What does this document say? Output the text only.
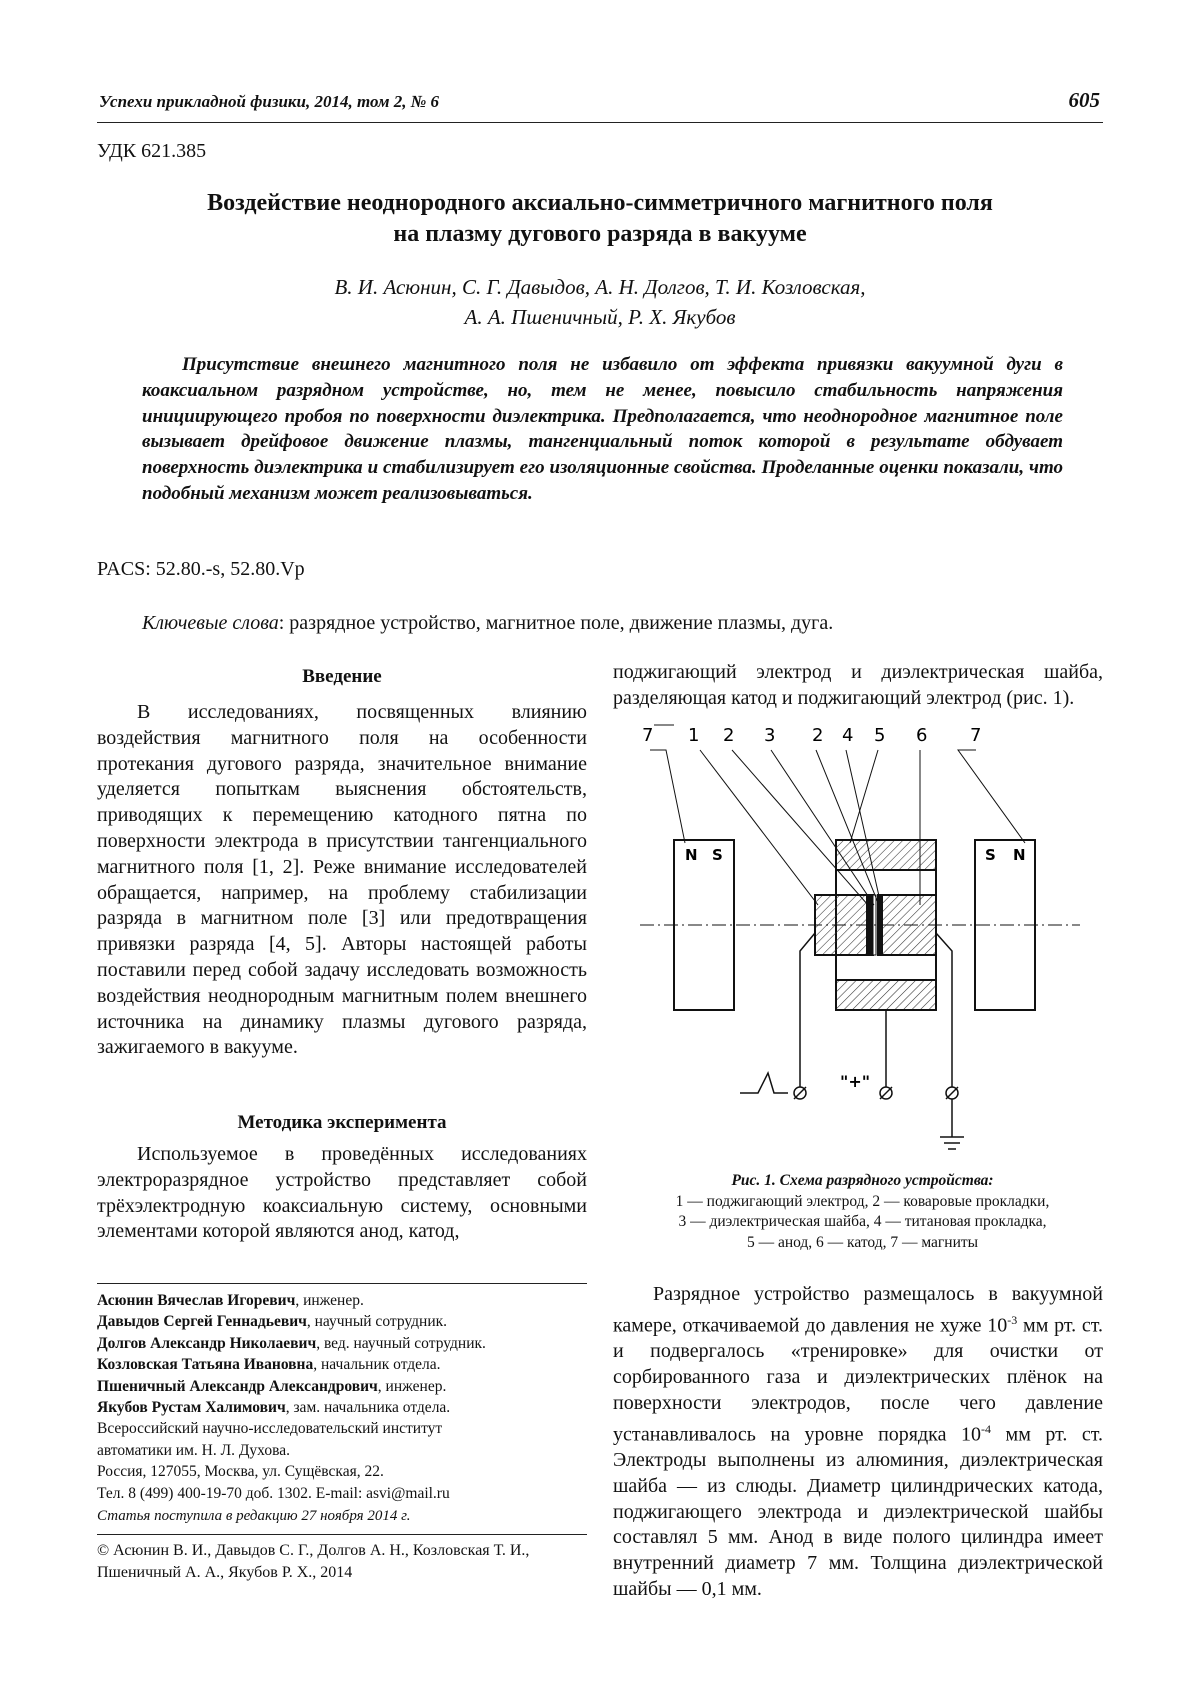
Успехи прикладной физики, 2014, том 2, № 6	605
УДК 621.385
Воздействие неоднородного аксиально-симметричного магнитного поля
на плазму дугового разряда в вакууме
В. И. Асюнин, С. Г. Давыдов, А. Н. Долгов, Т. И. Козловская,
А. А. Пшеничный, Р. Х. Якубов
Присутствие внешнего магнитного поля не избавило от эффекта привязки вакуумной дуги в коаксиальном разрядном устройстве, но, тем не менее, повысило стабильность напряжения инициирующего пробоя по поверхности диэлектрика. Предполагается, что неоднородное магнитное поле вызывает дрейфовое движение плазмы, тангенциальный поток которой в результате обдувает поверхность диэлектрика и стабилизирует его изоляционные свойства. Проделанные оценки показали, что подобный механизм может реализовываться.
PACS: 52.80.-s, 52.80.Vp
Ключевые слова: разрядное устройство, магнитное поле, движение плазмы, дуга.
Введение
В исследованиях, посвященных влиянию воздействия магнитного поля на особенности протекания дугового разряда, значительное внимание уделяется попыткам выяснения обстоятельств, приводящих к перемещению катодного пятна по поверхности электрода в присутствии тангенциального магнитного поля [1, 2]. Реже внимание исследователей обращается, например, на проблему стабилизации разряда в магнитном поле [3] или предотвращения привязки разряда [4, 5]. Авторы настоящей работы поставили перед собой задачу исследовать возможность воздействия неоднородным магнитным полем внешнего источника на динамику плазмы дугового разряда, зажигаемого в вакууме.
Методика эксперимента
Используемое в проведённых исследованиях электроразрядное устройство представляет собой трёхэлектродную коаксиальную систему, основными элементами которой являются анод, катод,
Асюнин Вячеслав Игоревич, инженер.
Давыдов Сергей Геннадьевич, научный сотрудник.
Долгов Александр Николаевич, вед. научный сотрудник.
Козловская Татьяна Ивановна, начальник отдела.
Пшеничный Александр Александрович, инженер.
Якубов Рустам Халимович, зам. начальника отдела.
Всероссийский научно-исследовательский институт
автоматики им. Н. Л. Духова.
Россия, 127055, Москва, ул. Сущёвская, 22.
Тел. 8 (499) 400-19-70 доб. 1302. E-mail: asvi@mail.ru
Статья поступила в редакцию 27 ноября 2014 г.
© Асюнин В. И., Давыдов С. Г., Долгов А. Н., Козловская Т. И., Пшеничный А. А., Якубов Р. Х., 2014
поджигающий электрод и диэлектрическая шайба, разделяющая катод и поджигающий электрод (рис. 1).
N S	S N
7 1 2 3 2 4 5 6 7
"+"
Рис. 1. Схема разрядного устройства:
1 — поджигающий электрод, 2 — коваровые прокладки,
3 — диэлектрическая шайба, 4 — титановая прокладка,
5 — анод, 6 — катод, 7 — магниты
Разрядное устройство размещалось в вакуумной камере, откачиваемой до давления не хуже $10^{-3}$ мм рт. ст. и подвергалось «тренировке» для очистки от сорбированного газа и диэлектрических плёнок на поверхности электродов, после чего давление устанавливалось на уровне порядка $10^{-4}$ мм рт. ст. Электроды выполнены из алюминия, диэлектрическая шайба — из слюды. Диаметр цилиндрических катода, поджигающего электрода и диэлектрической шайбы составлял 5 мм. Анод в виде полого цилиндра имеет внутренний диаметр 7 мм. Толщина диэлектрической шайбы — 0,1 мм.
